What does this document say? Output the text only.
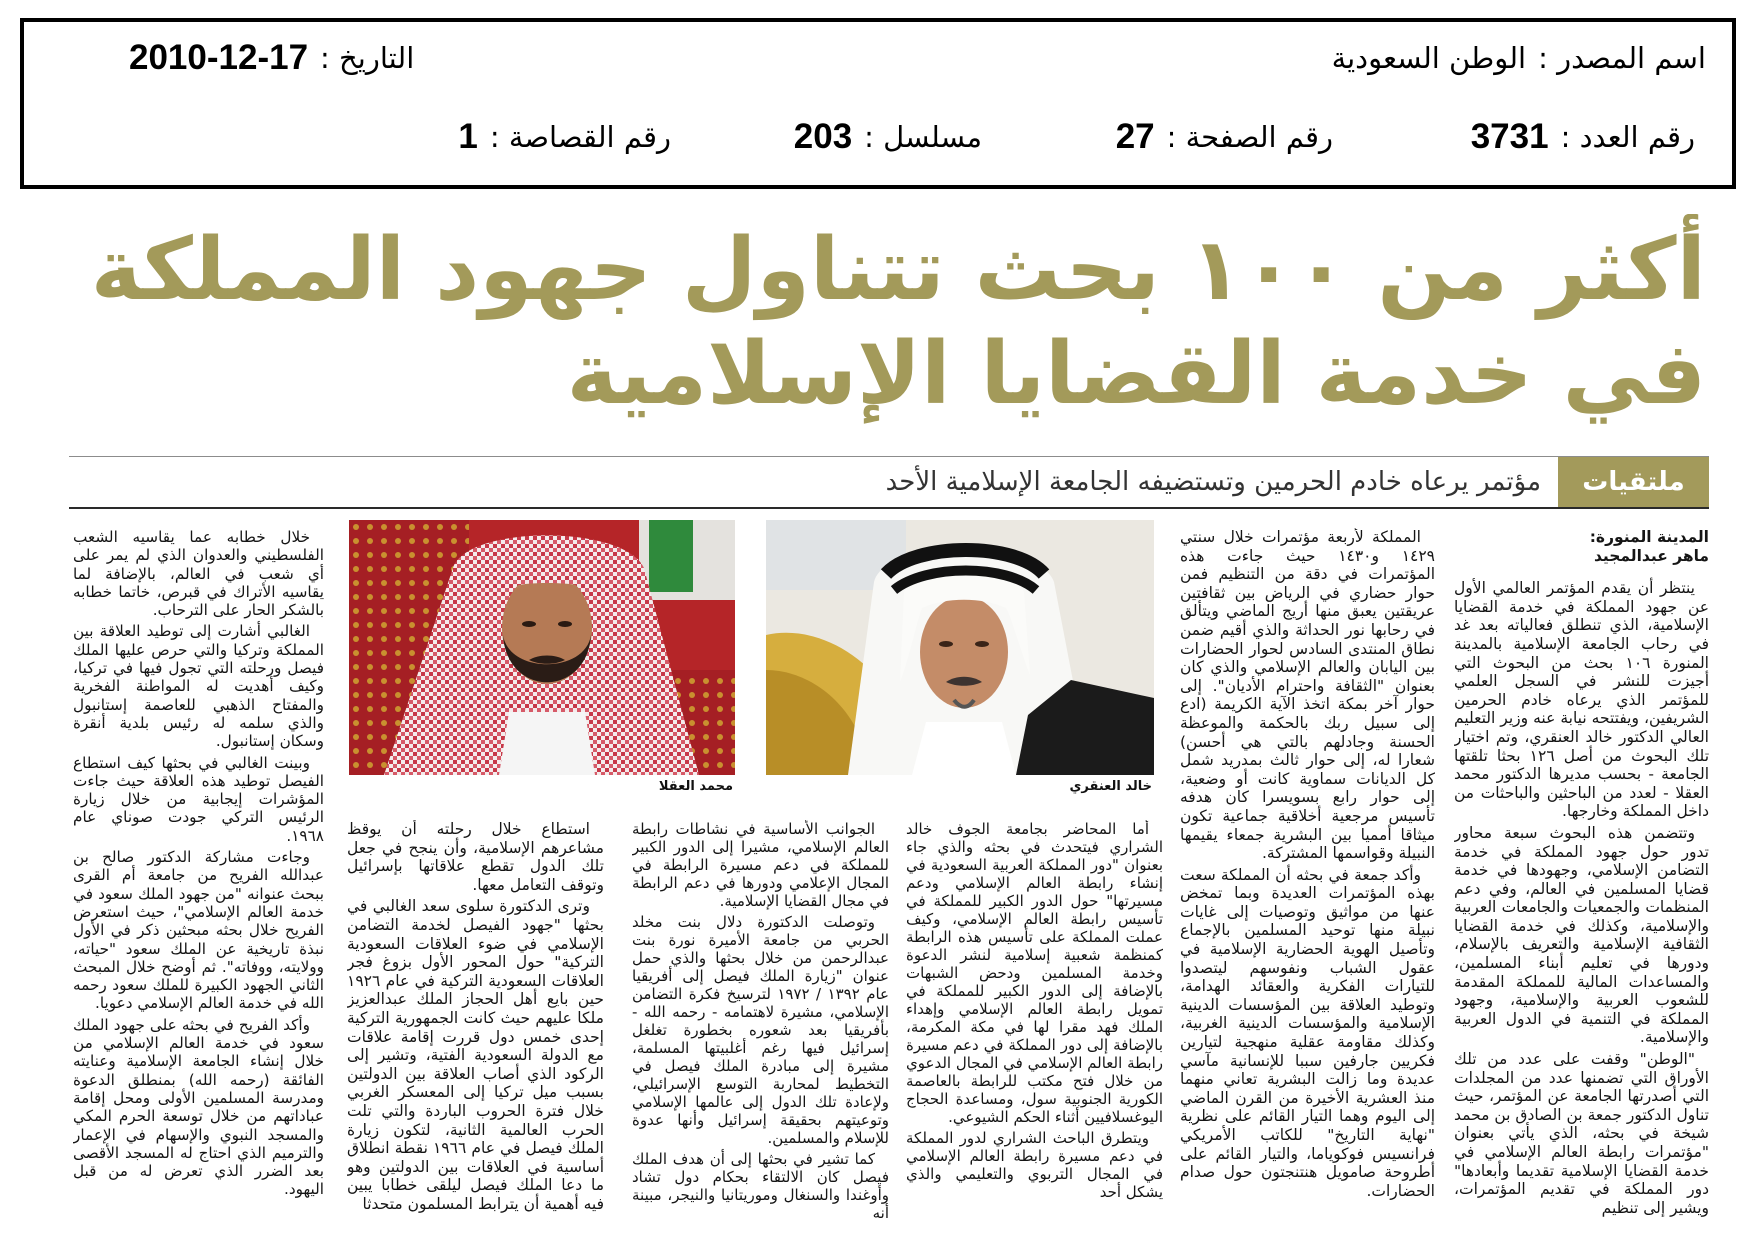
اسم المصدر :
الوطن السعودية
التاريخ :
2010-12-17
رقم العدد :
3731
رقم الصفحة :
27
مسلسل :
203
رقم القصاصة :
1
أكثر من ١٠٠ بحث تتناول جهود المملكة
في خدمة القضايا الإسلامية
ملتقيات
مؤتمر يرعاه خادم الحرمين وتستضيفه الجامعة الإسلامية الأحد
خالد العنقري
محمد العقلا

المدينة المنورة:

ماهر عبدالمجيد

ينتظر أن يقدم المؤتمر العالمي الأول عن جهود المملكة في خدمة القضايا الإسلامية، الذي تنطلق فعالياته بعد غد في رحاب الجامعة الإسلامية بالمدينة المنورة ١٠٦ بحث من البحوث التي أجيزت للنشر في السجل العلمي للمؤتمر الذي يرعاه خادم الحرمين الشريفين، ويفتتحه نيابة عنه وزير التعليم العالي الدكتور خالد العنقري، وتم اختيار تلك البحوث من أصل ١٢٦ بحثا تلقتها الجامعة - بحسب مديرها الدكتور محمد العقلا - لعدد من الباحثين والباحثات من داخل المملكة وخارجها.

وتتضمن هذه البحوث سبعة محاور تدور حول جهود المملكة في خدمة التضامن الإسلامي، وجهودها في خدمة قضايا المسلمين في العالم، وفي دعم المنظمات والجمعيات والجامعات العربية والإسلامية، وكذلك في خدمة القضايا الثقافية الإسلامية والتعريف بالإسلام، ودورها في تعليم أبناء المسلمين، والمساعدات المالية للمملكة المقدمة للشعوب العربية والإسلامية، وجهود المملكة في التنمية في الدول العربية والإسلامية.

"الوطن" وقفت على عدد من تلك الأوراق التي تضمنها عدد من المجلدات التي أصدرتها الجامعة عن المؤتمر، حيث تناول الدكتور جمعة بن الصادق بن محمد شيخة في بحثه، الذي يأتي بعنوان "مؤتمرات رابطة العالم الإسلامي في خدمة القضايا الإسلامية تقديما وأبعادها" دور المملكة في تقديم المؤتمرات، ويشير إلى تنظيم

المملكة لأربعة مؤتمرات خلال سنتي ١٤٢٩ و١٤٣٠ حيث جاءت هذه المؤتمرات في دقة من التنظيم فمن حوار حضاري في الرياض بين ثقافتين عريقتين يعبق منها أريج الماضي ويتألق في رحابها نور الحداثة والذي أقيم ضمن نطاق المنتدى السادس لحوار الحضارات بين اليابان والعالم الإسلامي والذي كان بعنوان "الثقافة واحترام الأديان". إلى حوار آخر بمكة اتخذ الآية الكريمة (ادع إلى سبيل ربك بالحكمة والموعظة الحسنة وجادلهم بالتي هي أحسن) شعارا له، إلى حوار ثالث بمدريد شمل كل الديانات سماوية كانت أو وضعية، إلى حوار رابع بسويسرا كان هدفه تأسيس مرجعية أخلاقية جماعية تكون ميثاقا أمميا بين البشرية جمعاء يقيمها النبيلة وقواسمها المشتركة.

وأكد جمعة في بحثه أن المملكة سعت بهذه المؤتمرات العديدة وبما تمخض عنها من مواثيق وتوصيات إلى غايات نبيلة منها توحيد المسلمين بالإجماع وتأصيل الهوية الحضارية الإسلامية في عقول الشباب ونفوسهم ليتصدوا للتيارات الفكرية والعقائد الهدامة، وتوطيد العلاقة بين المؤسسات الدينية الإسلامية والمؤسسات الدينية الغربية، وكذلك مقاومة عقلية منهجية لتيارين فكريين جارفين سببا للإنسانية مآسي عديدة وما زالت البشرية تعاني منهما منذ العشرية الأخيرة من القرن الماضي إلى اليوم وهما التيار القائم على نظرية "نهاية التاريخ" للكاتب الأمريكي فرانسيس فوكوياما، والتيار القائم على أطروحة صامويل هنتنجتون حول صدام الحضارات.

أما المحاضر بجامعة الجوف خالد الشراري فيتحدث في بحثه والذي جاء بعنوان "دور المملكة العربية السعودية في إنشاء رابطة العالم الإسلامي ودعم مسيرتها" حول الدور الكبير للمملكة في تأسيس رابطة العالم الإسلامي، وكيف عملت المملكة على تأسيس هذه الرابطة كمنظمة شعبية إسلامية لنشر الدعوة وخدمة المسلمين ودحض الشبهات بالإضافة إلى الدور الكبير للمملكة في تمويل رابطة العالم الإسلامي وإهداء الملك فهد مقرا لها في مكة المكرمة، بالإضافة إلى دور المملكة في دعم مسيرة رابطة العالم الإسلامي في المجال الدعوي من خلال فتح مكتب للرابطة بالعاصمة الكورية الجنوبية سول، ومساعدة الحجاج اليوغسلافيين أثناء الحكم الشيوعي.

ويتطرق الباحث الشراري لدور المملكة في دعم مسيرة رابطة العالم الإسلامي في المجال التربوي والتعليمي والذي يشكل أحد

الجوانب الأساسية في نشاطات رابطة العالم الإسلامي، مشيرا إلى الدور الكبير للمملكة في دعم مسيرة الرابطة في المجال الإعلامي ودورها في دعم الرابطة في مجال القضايا الإسلامية.

وتوصلت الدكتورة دلال بنت مخلد الحربي من جامعة الأميرة نورة بنت عبدالرحمن من خلال بحثها والذي حمل عنوان "زيارة الملك فيصل إلى أفريقيا عام ١٣٩٢ / ١٩٧٢ لترسيخ فكرة التضامن الإسلامي، مشيرة لاهتمامه - رحمه الله - بأفريقيا بعد شعوره بخطورة تغلغل إسرائيل فيها رغم أغلبيتها المسلمة، مشيرة إلى مبادرة الملك فيصل في التخطيط لمحاربة التوسع الإسرائيلي، ولإعادة تلك الدول إلى عالمها الإسلامي وتوعيتهم بحقيقة إسرائيل وأنها عدوة للإسلام والمسلمين.

كما تشير في بحثها إلى أن هدف الملك فيصل كان الالتقاء بحكام دول تشاد وأوغندا والسنغال وموريتانيا والنيجر، مبينة أنه

استطاع خلال رحلته أن يوقظ مشاعرهم الإسلامية، وأن ينجح في جعل تلك الدول تقطع علاقاتها بإسرائيل وتوقف التعامل معها.

وترى الدكتورة سلوى سعد الغالبي في بحثها "جهود الفيصل لخدمة التضامن الإسلامي في ضوء العلاقات السعودية التركية" حول المحور الأول بزوغ فجر العلاقات السعودية التركية في عام ١٩٢٦ حين بايع أهل الحجاز الملك عبدالعزيز ملكا عليهم حيث كانت الجمهورية التركية إحدى خمس دول قررت إقامة علاقات مع الدولة السعودية الفتية، وتشير إلى الركود الذي أصاب العلاقة بين الدولتين بسبب ميل تركيا إلى المعسكر الغربي خلال فترة الحروب الباردة والتي تلت الحرب العالمية الثانية، لتكون زيارة الملك فيصل في عام ١٩٦٦ نقطة انطلاق أساسية في العلاقات بين الدولتين وهو ما دعا الملك فيصل ليلقى خطابا يبين فيه أهمية أن يترابط المسلمون متحدثا

خلال خطابه عما يقاسيه الشعب الفلسطيني والعدوان الذي لم يمر على أي شعب في العالم، بالإضافة لما يقاسيه الأتراك في قبرص، خاتما خطابه بالشكر الحار على الترحاب.

الغالبي أشارت إلى توطيد العلاقة بين المملكة وتركيا والتي حرص عليها الملك فيصل ورحلته التي تجول فيها في تركيا، وكيف أهديت له المواطنة الفخرية والمفتاح الذهبي للعاصمة إستانبول والذي سلمه له رئيس بلدية أنقرة وسكان إستانبول.

وبينت الغالبي في بحثها كيف استطاع الفيصل توطيد هذه العلاقة حيث جاءت المؤشرات إيجابية من خلال زيارة الرئيس التركي جودت صوناي عام ١٩٦٨.

وجاءت مشاركة الدكتور صالح بن عبدالله الفريح من جامعة أم القرى ببحث عنوانه "من جهود الملك سعود في خدمة العالم الإسلامي"، حيث استعرض الفريح خلال بحثه مبحثين ذكر في الأول نبذة تاريخية عن الملك سعود "حياته، وولايته، ووفاته". ثم أوضح خلال المبحث الثاني الجهود الكبيرة للملك سعود رحمه الله في خدمة العالم الإسلامي دعويا.

وأكد الفريح في بحثه على جهود الملك سعود في خدمة العالم الإسلامي من خلال إنشاء الجامعة الإسلامية وعنايته الفائقة (رحمه الله) بمنطلق الدعوة ومدرسة المسلمين الأولى ومحل إقامة عباداتهم من خلال توسعة الحرم المكي والمسجد النبوي والإسهام في الإعمار والترميم الذي احتاج له المسجد الأقصى بعد الضرر الذي تعرض له من قبل اليهود.
